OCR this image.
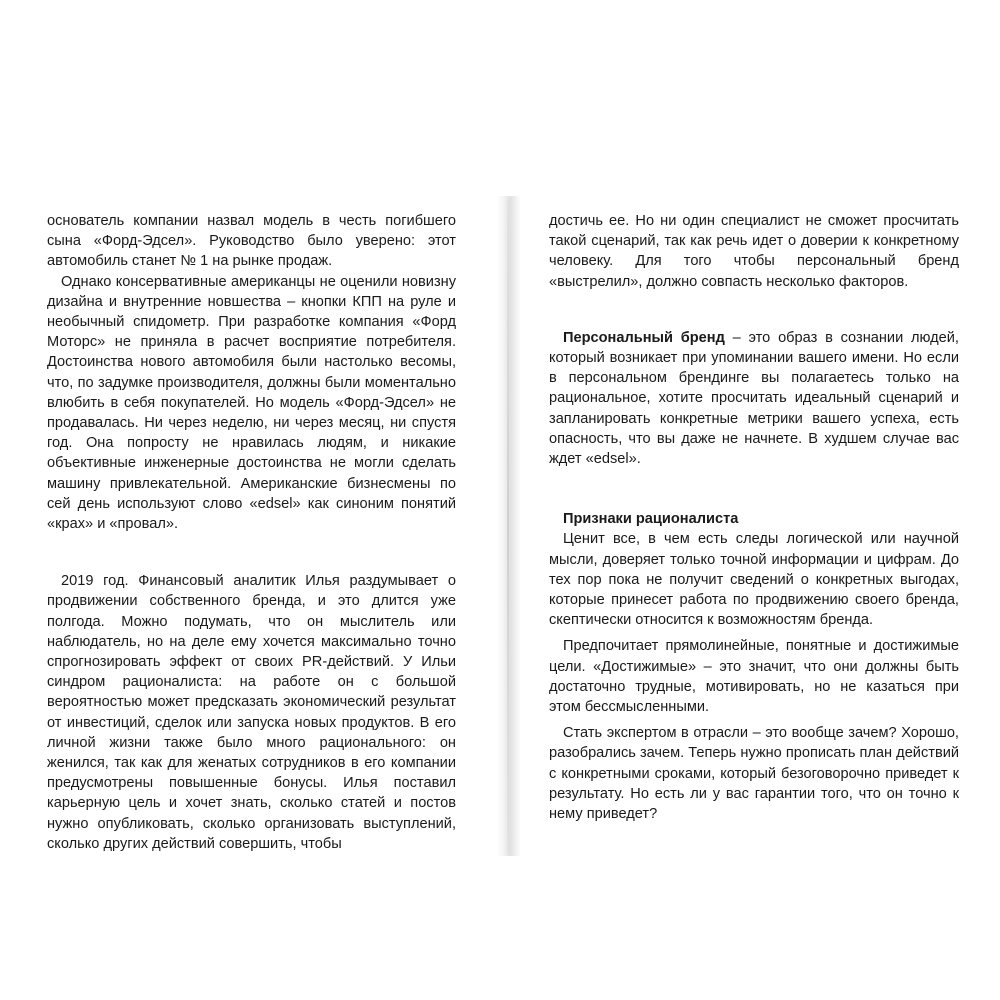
основатель компании назвал модель в честь погибшего сына «Форд-Эдсел». Руководство было уверено: этот автомобиль станет № 1 на рынке продаж.

Однако консервативные американцы не оценили новизну дизайна и внутренние новшества – кнопки КПП на руле и необычный спидометр. При разработке компания «Форд Моторс» не приняла в расчет восприятие потребителя. Достоинства нового автомобиля были настолько весомы, что, по задумке производителя, должны были моментально влюбить в себя покупателей. Но модель «Форд-Эдсел» не продавалась. Ни через неделю, ни через месяц, ни спустя год. Она попросту не нравилась людям, и никакие объективные инженерные достоинства не могли сделать машину привлекательной. Американские бизнесмены по сей день используют слово «edsel» как синоним понятий «крах» и «провал».

2019 год. Финансовый аналитик Илья раздумывает о продвижении собственного бренда, и это длится уже полгода. Можно подумать, что он мыслитель или наблюдатель, но на деле ему хочется максимально точно спрогнозировать эффект от своих PR-действий. У Ильи синдром рационалиста: на работе он с большой вероятностью может предсказать экономический результат от инвестиций, сделок или запуска новых продуктов. В его личной жизни также было много рационального: он женился, так как для женатых сотрудников в его компании предусмотрены повышенные бонусы. Илья поставил карьерную цель и хочет знать, сколько статей и постов нужно опубликовать, сколько организовать выступлений, сколько других действий совершить, чтобы

достичь ее. Но ни один специалист не сможет просчитать такой сценарий, так как речь идет о доверии к конкретному человеку. Для того чтобы персональный бренд «выстрелил», должно совпасть несколько факторов.

Персональный бренд – это образ в сознании людей, который возникает при упоминании вашего имени. Но если в персональном брендинге вы полагаетесь только на рациональное, хотите просчитать идеальный сценарий и запланировать конкретные метрики вашего успеха, есть опасность, что вы даже не начнете. В худшем случае вас ждет «edsel».

Признаки рационалиста

Ценит все, в чем есть следы логической или научной мысли, доверяет только точной информации и цифрам. До тех пор пока не получит сведений о конкретных выгодах, которые принесет работа по продвижению своего бренда, скептически относится к возможностям бренда.

Предпочитает прямолинейные, понятные и достижимые цели. «Достижимые» – это значит, что они должны быть достаточно трудные, мотивировать, но не казаться при этом бессмысленными.

Стать экспертом в отрасли – это вообще зачем? Хорошо, разобрались зачем. Теперь нужно прописать план действий с конкретными сроками, который безоговорочно приведет к результату. Но есть ли у вас гарантии того, что он точно к нему приведет?
